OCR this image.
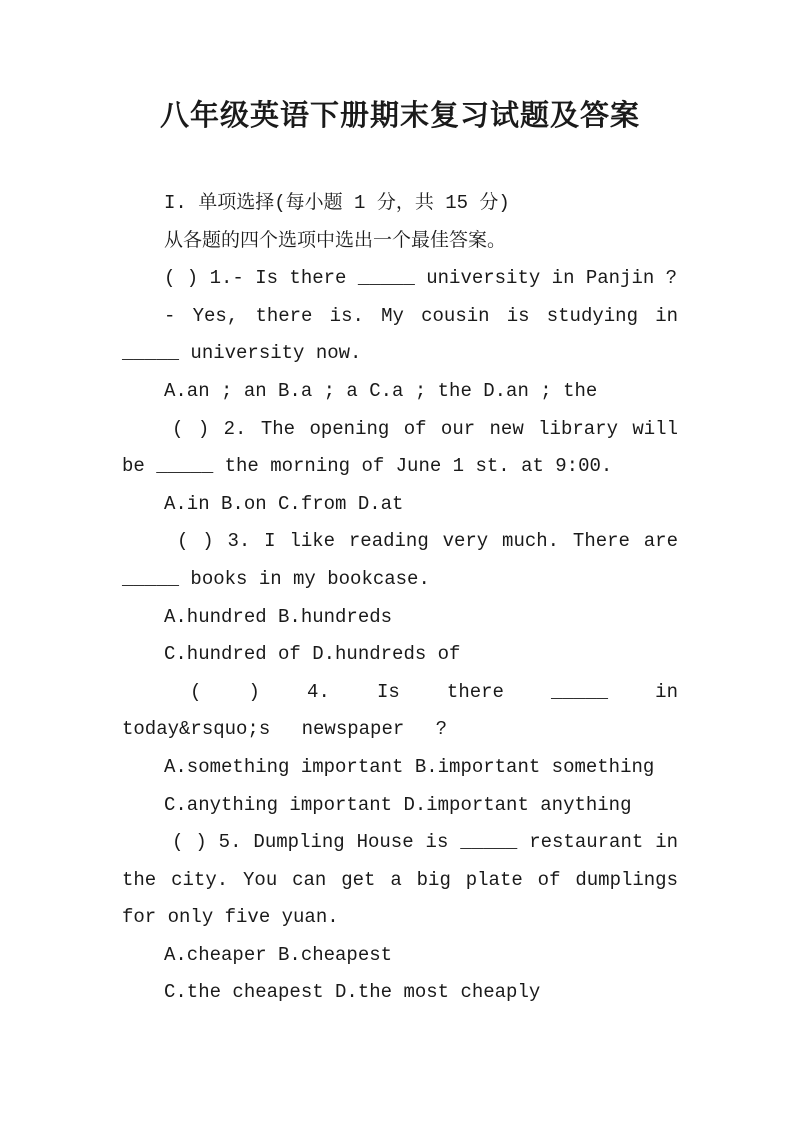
八年级英语下册期末复习试题及答案

I. 单项选择(每小题 1 分，共 15 分)

从各题的四个选项中选出一个最佳答案。

( ) 1.- Is there _____ university in Panjin ?

- Yes, there is. My cousin is studying in _____ university now.

A.an ; an B.a ; a C.a ; the D.an ; the

( ) 2. The opening of our new library will be _____ the morning of June 1 st. at 9:00.

A.in B.on C.from D.at

( ) 3. I like reading very much. There are _____ books in my bookcase.

A.hundred B.hundreds

C.hundred of D.hundreds of

( ) 4. Is there _____ in today&rsquo;s newspaper ?

A.something important B.important something

C.anything important D.important anything

( ) 5. Dumpling House is _____ restaurant in the city. You can get a big plate of dumplings for only five yuan.

A.cheaper B.cheapest

C.the cheapest D.the most cheaply
